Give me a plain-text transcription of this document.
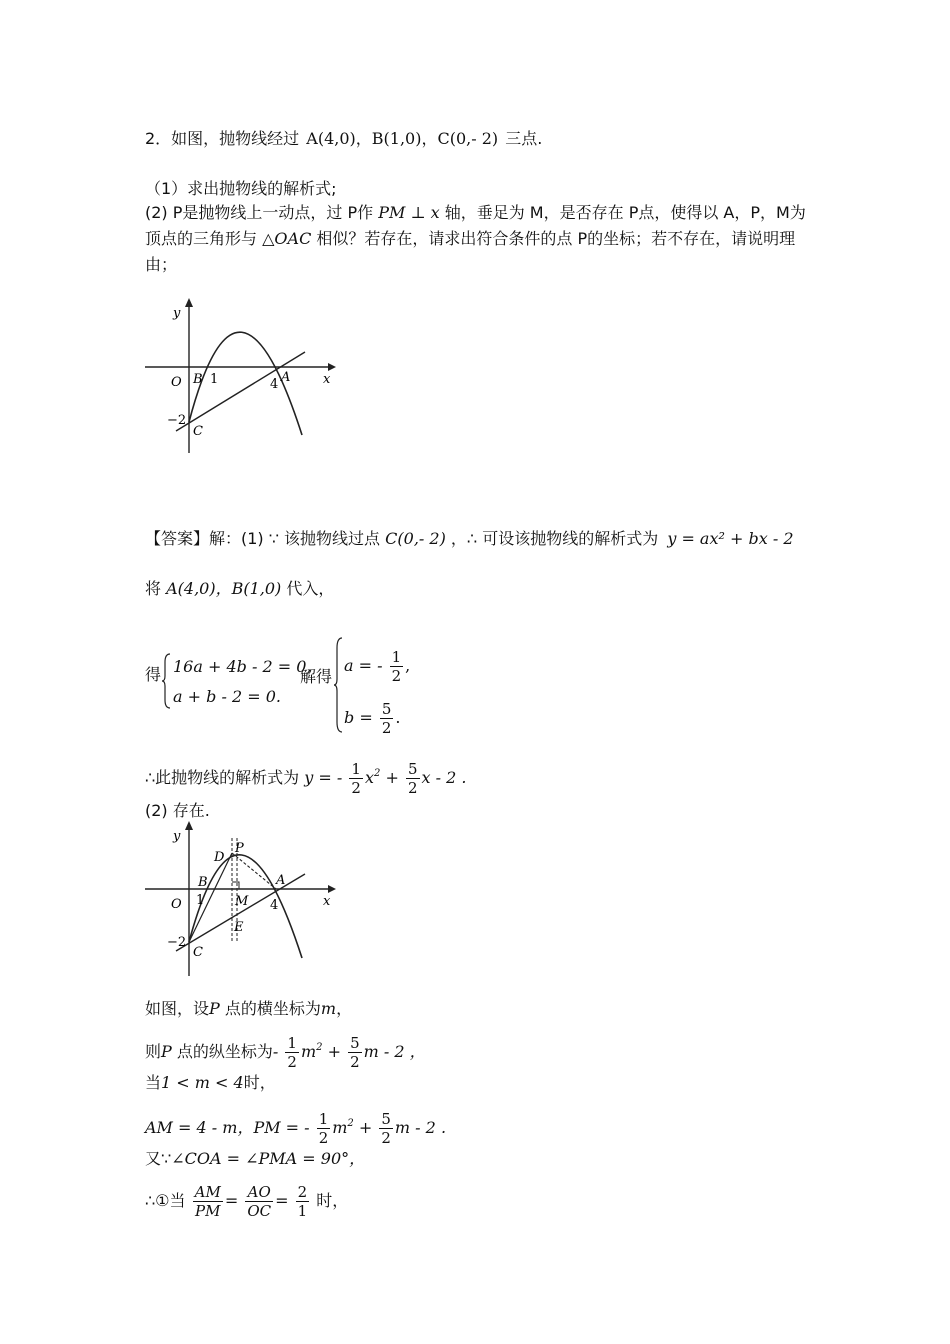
2．如图，抛物线经过 A(4,0)，B(1,0)，C(0,- 2) 三点.
（1）求出抛物线的解析式;
(2) P是抛物线上一动点，过 P作 PM ⊥ x 轴，垂足为 M，是否存在 P点，使得以 A，P，M为
顶点的三角形与 △OAC 相似？若存在，请求出符合条件的点 P的坐标；若不存在，请说明理
由；
y
x
O B 1	4 A
−2
C
【答案】解：(1) ∵ 该抛物线过点 C(0,- 2) ，∴ 可设该抛物线的解析式为 y = ax² + bx - 2
将 A(4,0)，B(1,0) 代入，
得 16a + 4b - 2 = 0,
a + b - 2 = 0.
解得
a = - $\frac{1}{2}$ ,
$b = \frac{5}{2}$ .
∴此抛物线的解析式为 y = - $\frac{1}{2} x^2 + \frac{5}{2}$ x - 2 .
(2) 存在.
y
x
O
B
1	4
A
−2
C
D
P
M
E
如图，设P 点的横坐标为m，
则P 点的纵坐标为- $\frac{1}{2} m^2 + \frac{5}{2}$ m - 2 ，
当1 < m < 4时，
AM = 4 - m，PM = - $\frac{1}{2} m^2 + \frac{5}{2}$ m - 2 .
又∵∠COA = ∠PMA = 90°，
∴①当 $\frac{AM}{PM} = \frac{AO}{OC} = \frac{2}{1}$ 时，
